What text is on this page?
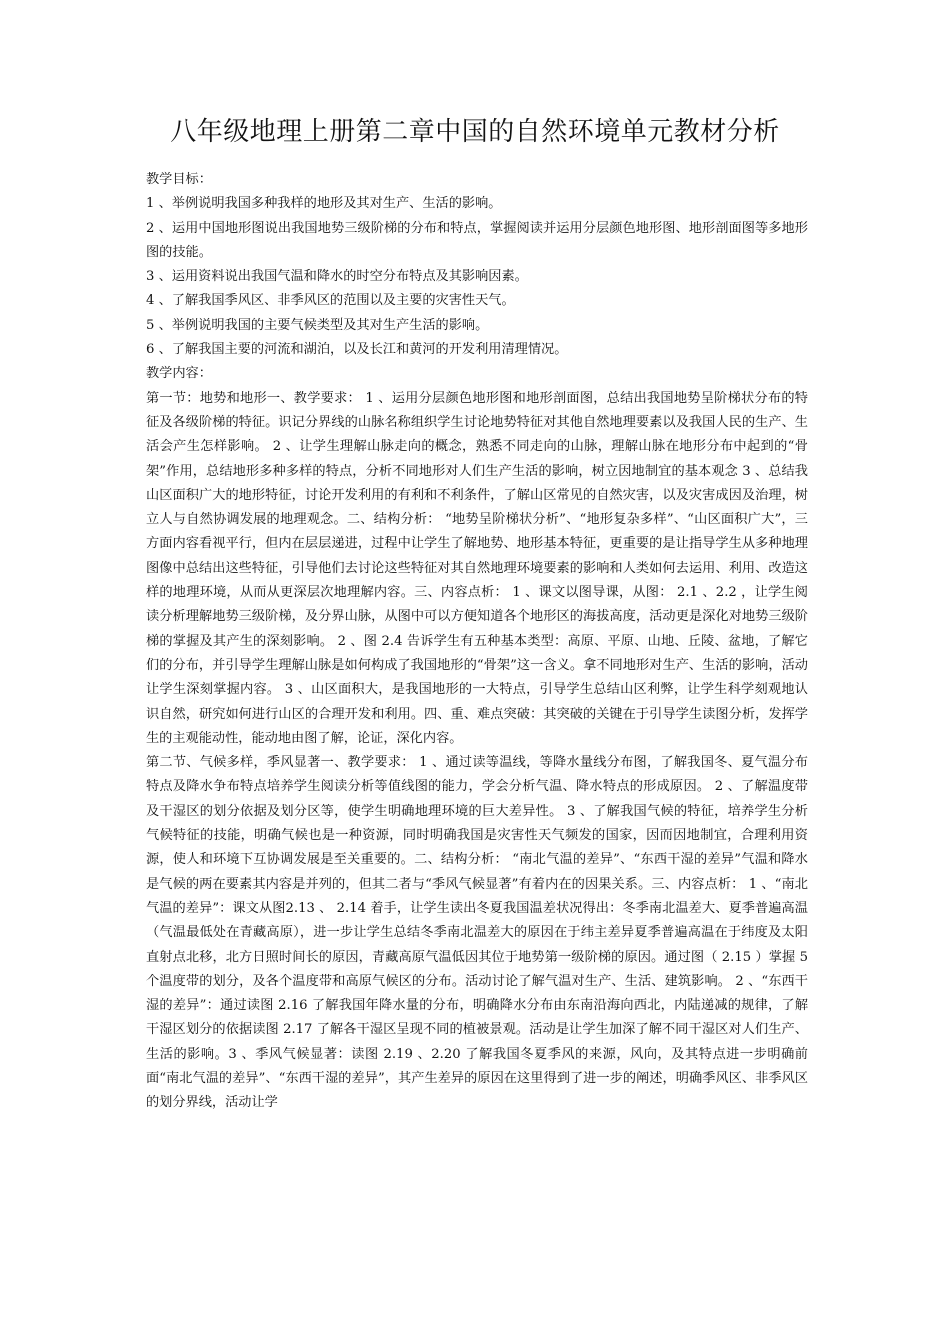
八年级地理上册第二章中国的自然环境单元教材分析

教学目标：

1 、举例说明我国多种我样的地形及其对生产、生活的影响。

2 、运用中国地形图说出我国地势三级阶梯的分布和特点，掌握阅读并运用分层颜色地形图、地形剖面图等多地形图的技能。

3 、运用资料说出我国气温和降水的时空分布特点及其影响因素。

4 、了解我国季风区、非季风区的范围以及主要的灾害性天气。

5 、举例说明我国的主要气候类型及其对生产生活的影响。

6 、了解我国主要的河流和湖泊，以及长江和黄河的开发利用清理情况。

教学内容：

第一节：地势和地形一、教学要求： 1 、运用分层颜色地形图和地形剖面图，总结出我国地势呈阶梯状分布的特征及各级阶梯的特征。识记分界线的山脉名称组织学生讨论地势特征对其他自然地理要素以及我国人民的生产、生活会产生怎样影响。 2 、让学生理解山脉走向的概念，熟悉不同走向的山脉，理解山脉在地形分布中起到的“骨架”作用，总结地形多种多样的特点，分析不同地形对人们生产生活的影响，树立因地制宜的基本观念 3 、总结我山区面积广大的地形特征，讨论开发利用的有利和不利条件，了解山区常见的自然灾害，以及灾害成因及治理，树立人与自然协调发展的地理观念。二、结构分析： “地势呈阶梯状分析”、“地形复杂多样”、“山区面积广大”，三方面内容看视平行，但内在层层递进，过程中让学生了解地势、地形基本特征，更重要的是让指导学生从多种地理图像中总结出这些特征，引导他们去讨论这些特征对其自然地理环境要素的影响和人类如何去运用、利用、改造这样的地理环境，从而从更深层次地理解内容。三、内容点析： 1 、课文以图导课，从图： 2.1 、2.2 ，让学生阅读分析理解地势三级阶梯，及分界山脉，从图中可以方便知道各个地形区的海拔高度，活动更是深化对地势三级阶梯的掌握及其产生的深刻影响。 2 、图 2.4 告诉学生有五种基本类型：高原、平原、山地、丘陵、盆地，了解它们的分布，并引导学生理解山脉是如何构成了我国地形的“骨架”这一含义。拿不同地形对生产、生活的影响，活动让学生深刻掌握内容。 3 、山区面积大，是我国地形的一大特点，引导学生总结山区利弊，让学生科学刻观地认识自然，研究如何进行山区的合理开发和利用。四、重、难点突破：其突破的关键在于引导学生读图分析，发挥学生的主观能动性，能动地由图了解，论证，深化内容。

第二节、气候多样，季风显著一、教学要求： 1 、通过读等温线，等降水量线分布图，了解我国冬、夏气温分布特点及降水争布特点培养学生阅读分析等值线图的能力，学会分析气温、降水特点的形成原因。 2 、了解温度带及干湿区的划分依据及划分区等，使学生明确地理环境的巨大差异性。 3 、了解我国气候的特征，培养学生分析气候特征的技能，明确气候也是一种资源，同时明确我国是灾害性天气频发的国家，因而因地制宜，合理利用资源，使人和环境下互协调发展是至关重要的。二、结构分析： “南北气温的差异”、“东西干湿的差异”气温和降水是气候的两在要素其内容是并列的，但其二者与“季风气候显著”有着内在的因果关系。三、内容点析： 1 、“南北气温的差异”：课文从图2.13 、 2.14 着手，让学生读出冬夏我国温差状况得出：冬季南北温差大、夏季普遍高温（气温最低处在青藏高原），进一步让学生总结冬季南北温差大的原因在于纬主差异夏季普遍高温在于纬度及太阳直射点北移，北方日照时间长的原因，青藏高原气温低因其位于地势第一级阶梯的原因。通过图（ 2.15 ）掌握 5 个温度带的划分，及各个温度带和高原气候区的分布。活动讨论了解气温对生产、生活、建筑影响。 2 、“东西干湿的差异”：通过读图 2.16 了解我国年降水量的分布，明确降水分布由东南沿海向西北，内陆递减的规律，了解干湿区划分的依据读图 2.17 了解各干湿区呈现不同的植被景观。活动是让学生加深了解不同干湿区对人们生产、生活的影响。3 、季风气候显著：读图 2.19 、2.20 了解我国冬夏季风的来源，风向，及其特点进一步明确前面“南北气温的差异”、“东西干湿的差异”，其产生差异的原因在这里得到了进一步的阐述，明确季风区、非季风区的划分界线，活动让学
